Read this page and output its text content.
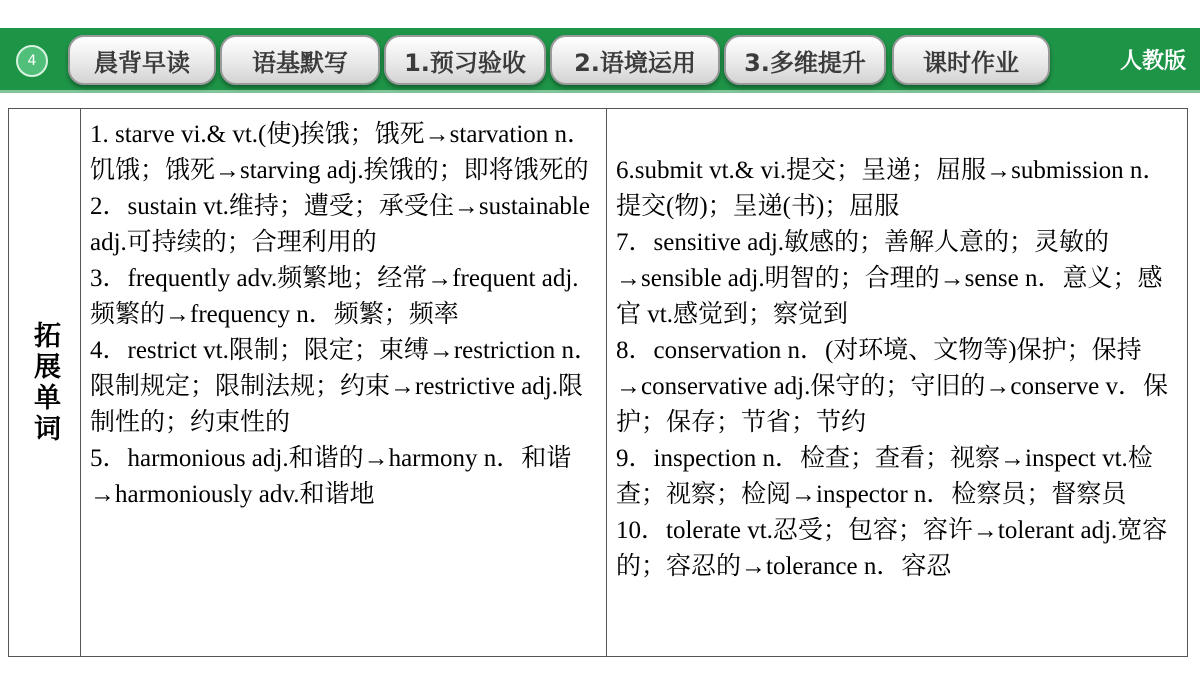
4	晨背早读	语基默写	1.预习验收	2.语境运用	3.多维提升	课时作业	人教版
拓展单词

1. starve vi.& vt.(使)挨饿；饿死→starvation n．饥饿；饿死→starving adj.挨饿的；即将饿死的

2．sustain vt.维持；遭受；承受住→sustainable adj.可持续的；合理利用的

3．frequently adv.频繁地；经常→frequent adj.频繁的→frequency n．频繁；频率

4．restrict vt.限制；限定；束缚→restriction n．限制规定；限制法规；约束→restrictive adj.限制性的；约束性的

5．harmonious adj.和谐的→harmony n．和谐→harmoniously adv.和谐地

6.submit vt.& vi.提交；呈递；屈服→submission n．提交(物)；呈递(书)；屈服

7．sensitive adj.敏感的；善解人意的；灵敏的→sensible adj.明智的；合理的→sense n．意义；感官 vt.感觉到；察觉到

8．conservation n．(对环境、文物等)保护；保持→conservative adj.保守的；守旧的→conserve v．保护；保存；节省；节约

9．inspection n．检查；查看；视察→inspect vt.检查；视察；检阅→inspector n．检察员；督察员

10．tolerate vt.忍受；包容；容许→tolerant adj.宽容的；容忍的→tolerance n．容忍
